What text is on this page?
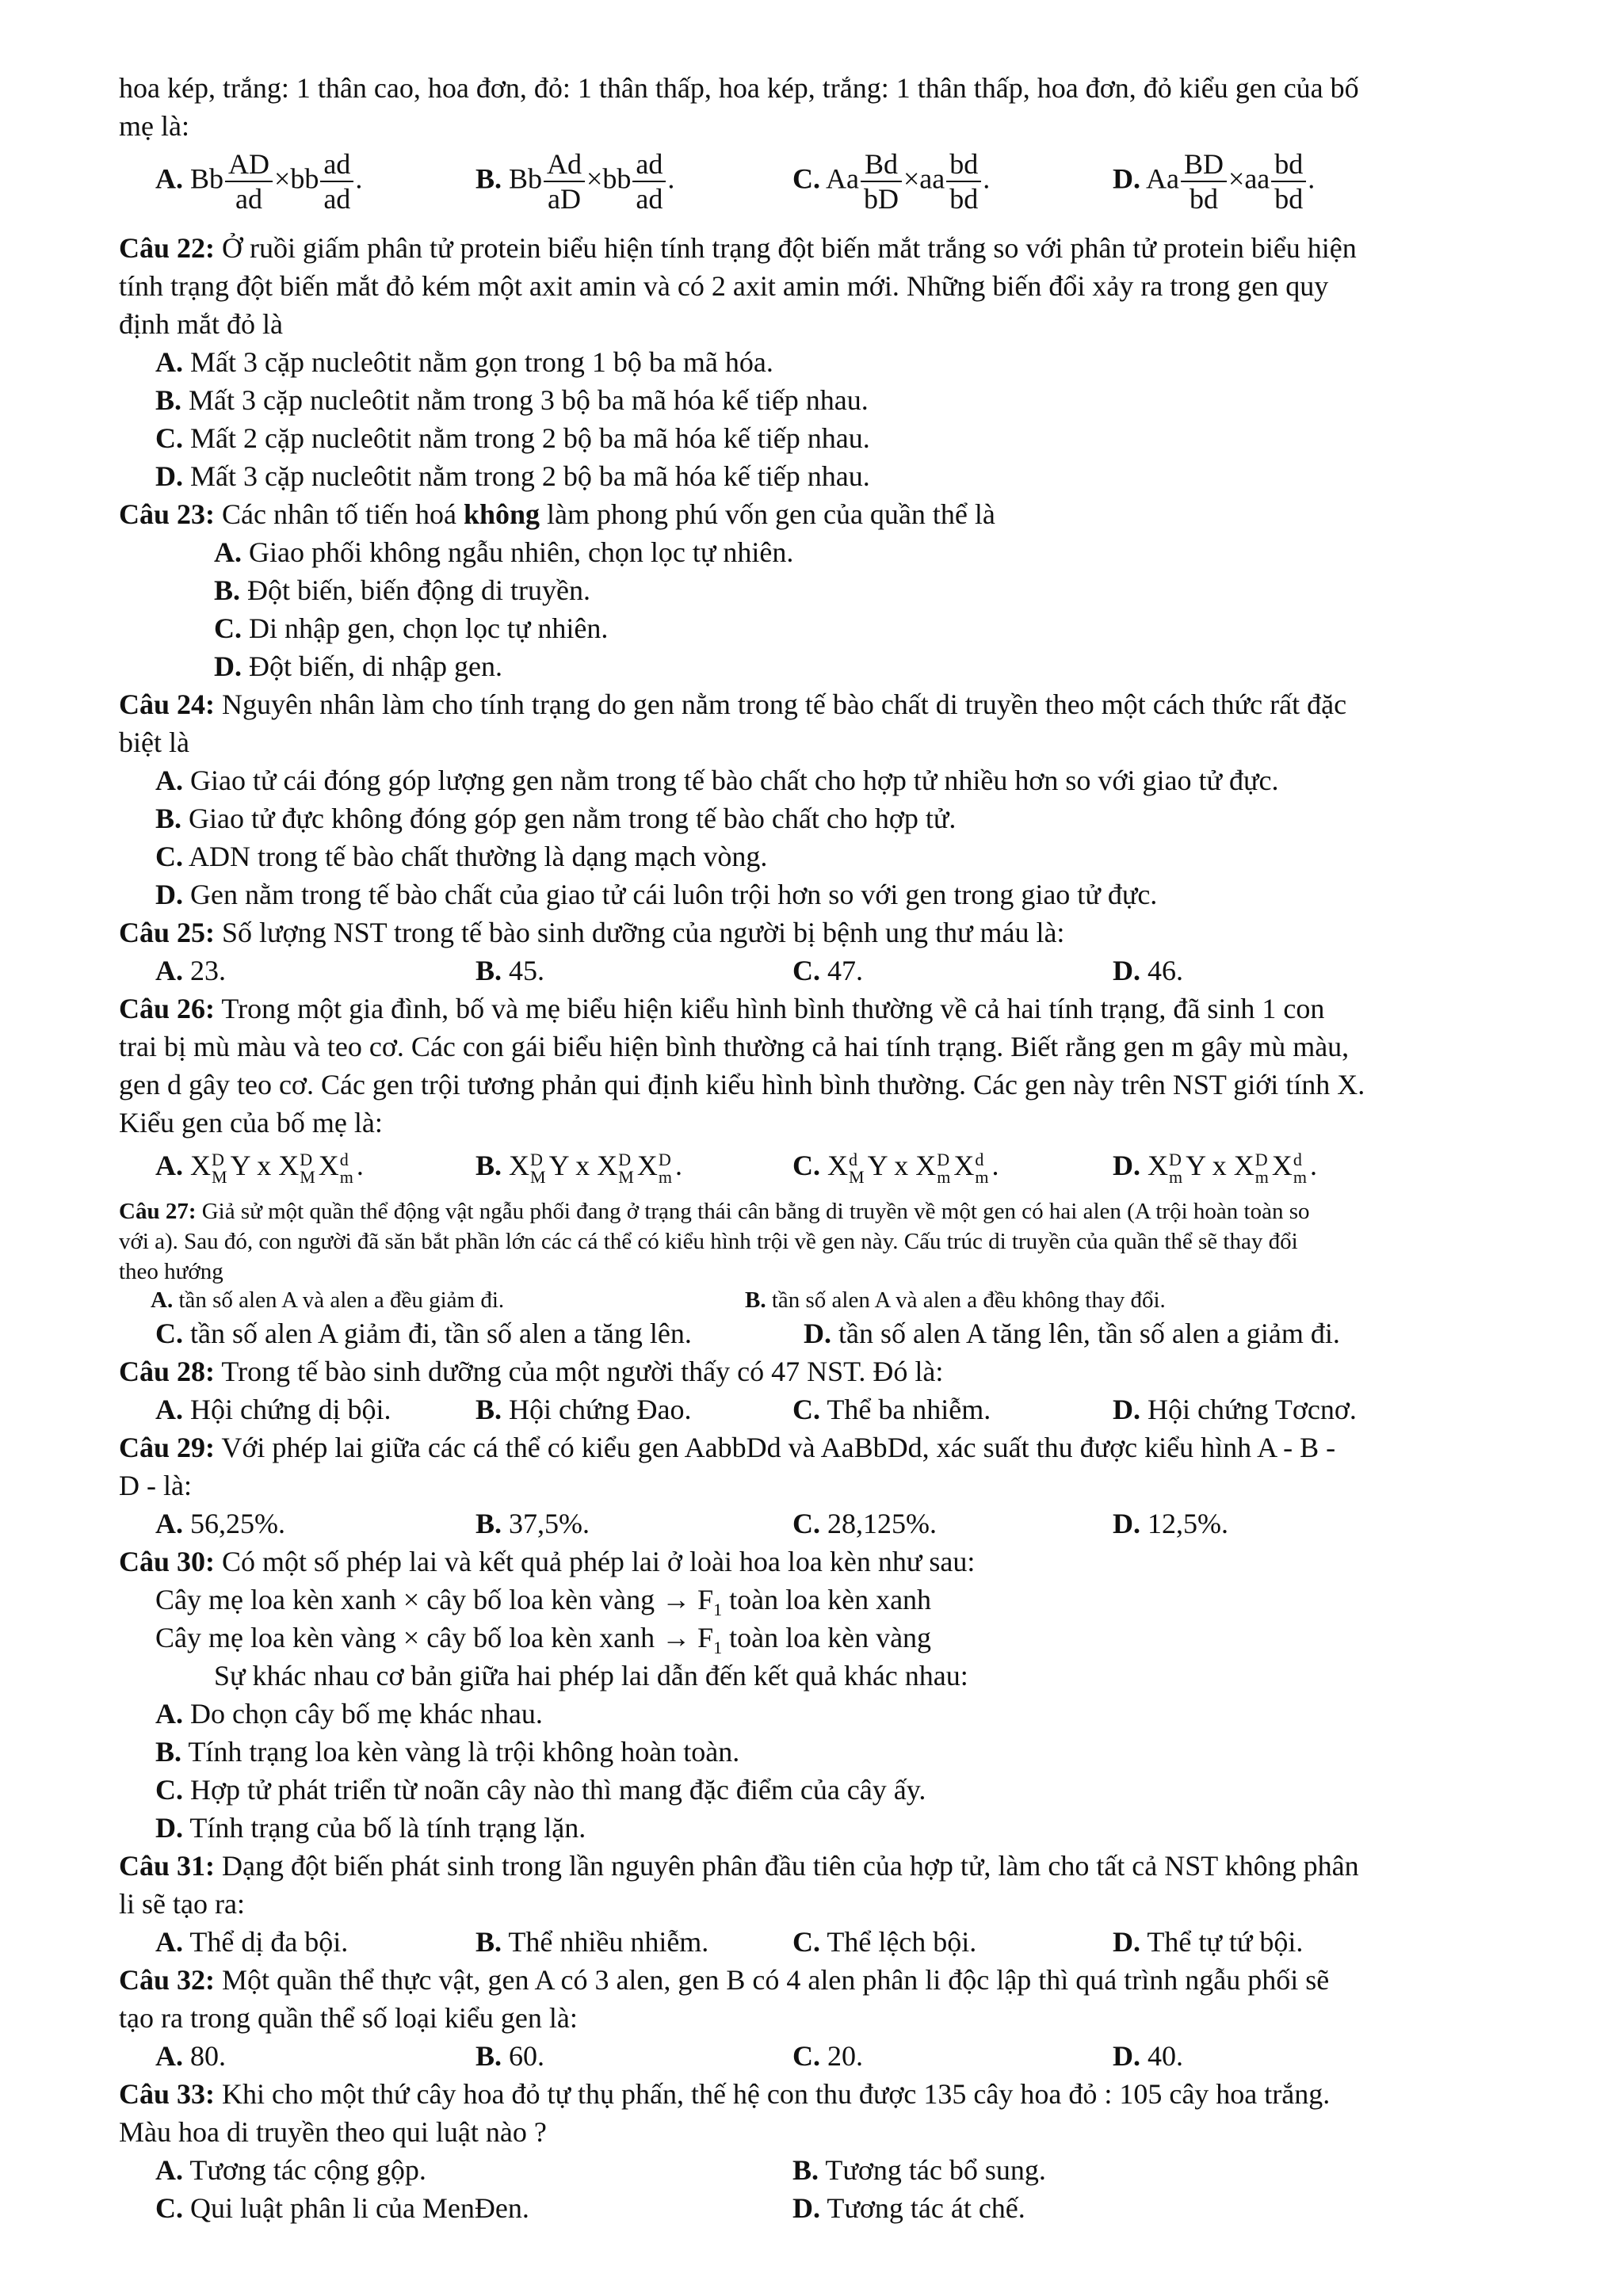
hoa kép, trắng: 1 thân cao, hoa đơn, đỏ: 1 thân thấp, hoa kép, trắng: 1 thân thấp, hoa đơn, đỏ kiểu gen của bố
mẹ là:
A. Bb $\frac{AD}{ad} \times bb \frac{ad}{ad}$ .	B. Bb $\frac{Ad}{aD} \times bb \frac{ad}{ad}$ .	C. Aa $\frac{Bd}{bD} \times aa \frac{bd}{bd}$ .	D. Aa $\frac{BD}{bd} \times aa \frac{bd}{bd}$ .
Câu 22: Ở ruồi giấm phân tử protein biểu hiện tính trạng đột biến mắt trắng so với phân tử protein biểu hiện
tính trạng đột biến mắt đỏ kém một axit amin và có 2 axit amin mới. Những biến đổi xảy ra trong gen quy
định mắt đỏ là
A. Mất 3 cặp nucleôtit nằm gọn trong 1 bộ ba mã hóa.
B. Mất 3 cặp nucleôtit nằm trong 3 bộ ba mã hóa kế tiếp nhau.
C. Mất 2 cặp nucleôtit nằm trong 2 bộ ba mã hóa kế tiếp nhau.
D. Mất 3 cặp nucleôtit nằm trong 2 bộ ba mã hóa kế tiếp nhau.
Câu 23: Các nhân tố tiến hoá không làm phong phú vốn gen của quần thể là
A. Giao phối không ngẫu nhiên, chọn lọc tự nhiên.
B. Đột biến, biến động di truyền.
C. Di nhập gen, chọn lọc tự nhiên.
D. Đột biến, di nhập gen.
Câu 24: Nguyên nhân làm cho tính trạng do gen nằm trong tế bào chất di truyền theo một cách thức rất đặc
biệt là
A. Giao tử cái đóng góp lượng gen nằm trong tế bào chất cho hợp tử nhiều hơn so với giao tử đực.
B. Giao tử đực không đóng góp gen nằm trong tế bào chất cho hợp tử.
C. ADN trong tế bào chất thường là dạng mạch vòng.
D. Gen nằm trong tế bào chất của giao tử cái luôn trội hơn so với gen trong giao tử đực.
Câu 25: Số lượng NST trong tế bào sinh dưỡng của người bị bệnh ung thư máu là:
A. 23.	B. 45.	C. 47.	D. 46.
Câu 26: Trong một gia đình, bố và mẹ biểu hiện kiểu hình bình thường về cả hai tính trạng, đã sinh 1 con
trai bị mù màu và teo cơ. Các con gái biểu hiện bình thường cả hai tính trạng. Biết rằng gen m gây mù màu,
gen d gây teo cơ. Các gen trội tương phản qui định kiểu hình bình thường. Các gen này trên NST giới tính X.
Kiểu gen của bố mẹ là:
A. X D
M Y x X D
M X d
m .	B. X D
M Y x X D
M X D
m .	C. X d
M Y x X D
m X d
m .	D. X D
m Y x X D
m X d
m .
Câu 27: Giả sử một quần thể động vật ngẫu phối đang ở trạng thái cân bằng di truyền về một gen có hai alen (A trội hoàn toàn so
với a). Sau đó, con người đã săn bắt phần lớn các cá thể có kiểu hình trội về gen này. Cấu trúc di truyền của quần thể sẽ thay đổi
theo hướng
A. tần số alen A và alen a đều giảm đi.	B. tần số alen A và alen a đều không thay đổi.
C. tần số alen A giảm đi, tần số alen a tăng lên.	D. tần số alen A tăng lên, tần số alen a giảm đi.
Câu 28: Trong tế bào sinh dưỡng của một người thấy có 47 NST. Đó là:
A. Hội chứng dị bội.	B. Hội chứng Đao.	C. Thể ba nhiễm.	D. Hội chứng Tơcnơ.
Câu 29: Với phép lai giữa các cá thể có kiểu gen AabbDd và AaBbDd, xác suất thu được kiểu hình A - B -
D - là:
A. 56,25%.	B. 37,5%.	C. 28,125%.	D. 12,5%.
Câu 30: Có một số phép lai và kết quả phép lai ở loài hoa loa kèn như sau:
Cây mẹ loa kèn xanh × cây bố loa kèn vàng → $F_1$ toàn loa kèn xanh
Cây mẹ loa kèn vàng × cây bố loa kèn xanh → $F_1$ toàn loa kèn vàng
Sự khác nhau cơ bản giữa hai phép lai dẫn đến kết quả khác nhau:
A. Do chọn cây bố mẹ khác nhau.
B. Tính trạng loa kèn vàng là trội không hoàn toàn.
C. Hợp tử phát triển từ noãn cây nào thì mang đặc điểm của cây ấy.
D. Tính trạng của bố là tính trạng lặn.
Câu 31: Dạng đột biến phát sinh trong lần nguyên phân đầu tiên của hợp tử, làm cho tất cả NST không phân
li sẽ tạo ra:
A. Thể dị đa bội.	B. Thể nhiều nhiễm.	C. Thể lệch bội.	D. Thể tự tứ bội.
Câu 32: Một quần thể thực vật, gen A có 3 alen, gen B có 4 alen phân li độc lập thì quá trình ngẫu phối sẽ
tạo ra trong quần thể số loại kiểu gen là:
A. 80.	B. 60.	C. 20.	D. 40.
Câu 33: Khi cho một thứ cây hoa đỏ tự thụ phấn, thế hệ con thu được 135 cây hoa đỏ : 105 cây hoa trắng.
Màu hoa di truyền theo qui luật nào ?
A. Tương tác cộng gộp.	B. Tương tác bổ sung.
C. Qui luật phân li của MenĐen.	D. Tương tác át chế.
